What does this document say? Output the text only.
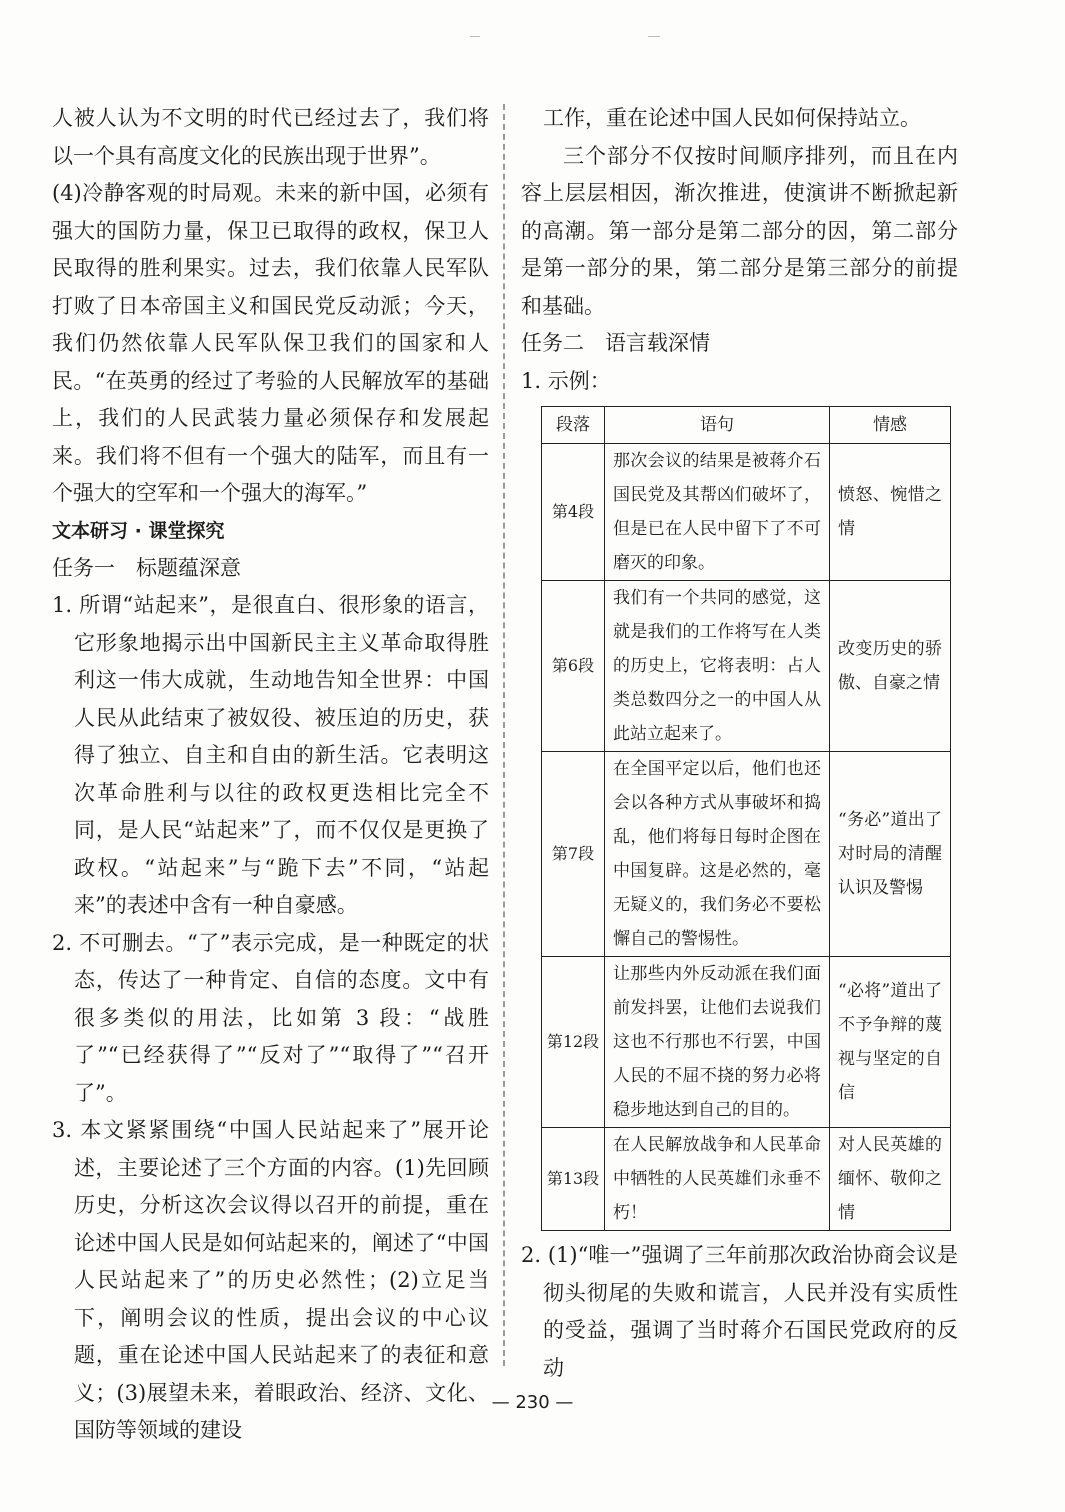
人被人认为不文明的时代已经过去了，我们将以一个具有高度文化的民族出现于世界”。

(4)冷静客观的时局观。未来的新中国，必须有强大的国防力量，保卫已取得的政权，保卫人民取得的胜利果实。过去，我们依靠人民军队打败了日本帝国主义和国民党反动派；今天，我们仍然依靠人民军队保卫我们的国家和人民。“在英勇的经过了考验的人民解放军的基础上，我们的人民武装力量必须保存和发展起来。我们将不但有一个强大的陆军，而且有一个强大的空军和一个强大的海军。”

文本研习 · 课堂探究
任务一　标题蕴深意

1. 所谓“站起来”，是很直白、很形象的语言，它形象地揭示出中国新民主主义革命取得胜利这一伟大成就，生动地告知全世界：中国人民从此结束了被奴役、被压迫的历史，获得了独立、自主和自由的新生活。它表明这次革命胜利与以往的政权更迭相比完全不同，是人民“站起来”了，而不仅仅是更换了政权。“站起来”与“跪下去”不同，“站起来”的表述中含有一种自豪感。

2. 不可删去。“了”表示完成，是一种既定的状态，传达了一种肯定、自信的态度。文中有很多类似的用法，比如第 3 段：“战胜了”“已经获得了”“反对了”“取得了”“召开了”。

3. 本文紧紧围绕“中国人民站起来了”展开论述，主要论述了三个方面的内容。(1)先回顾历史，分析这次会议得以召开的前提，重在论述中国人民是如何站起来的，阐述了“中国人民站起来了”的历史必然性；(2)立足当下，阐明会议的性质，提出会议的中心议题，重在论述中国人民站起来了的表征和意义；(3)展望未来，着眼政治、经济、文化、国防等领域的建设

工作，重在论述中国人民如何保持站立。

三个部分不仅按时间顺序排列，而且在内容上层层相因，渐次推进，使演讲不断掀起新的高潮。第一部分是第二部分的因，第二部分是第一部分的果，第二部分是第三部分的前提和基础。

任务二　语言载深情
1. 示例：
段落	语句	情感
第4段	那次会议的结果是被蒋介石国民党及其帮凶们破坏了，但是已在人民中留下了不可磨灭的印象。	愤怒、惋惜之情
第6段	我们有一个共同的感觉，这就是我们的工作将写在人类的历史上，它将表明：占人类总数四分之一的中国人从此站立起来了。	改变历史的骄傲、自豪之情
第7段	在全国平定以后，他们也还会以各种方式从事破坏和捣乱，他们将每日每时企图在中国复辟。这是必然的，毫无疑义的，我们务必不要松懈自己的警惕性。	“务必”道出了对时局的清醒认识及警惕
第12段	让那些内外反动派在我们面前发抖罢，让他们去说我们这也不行那也不行罢，中国人民的不屈不挠的努力必将稳步地达到自己的目的。	“必将”道出了不予争辩的蔑视与坚定的自信
第13段	在人民解放战争和人民革命中牺牲的人民英雄们永垂不朽！	对人民英雄的缅怀、敬仰之情

2. (1)“唯一”强调了三年前那次政治协商会议是彻头彻尾的失败和谎言，人民并没有实质性的受益，强调了当时蒋介石国民党政府的反动

— 230 —
